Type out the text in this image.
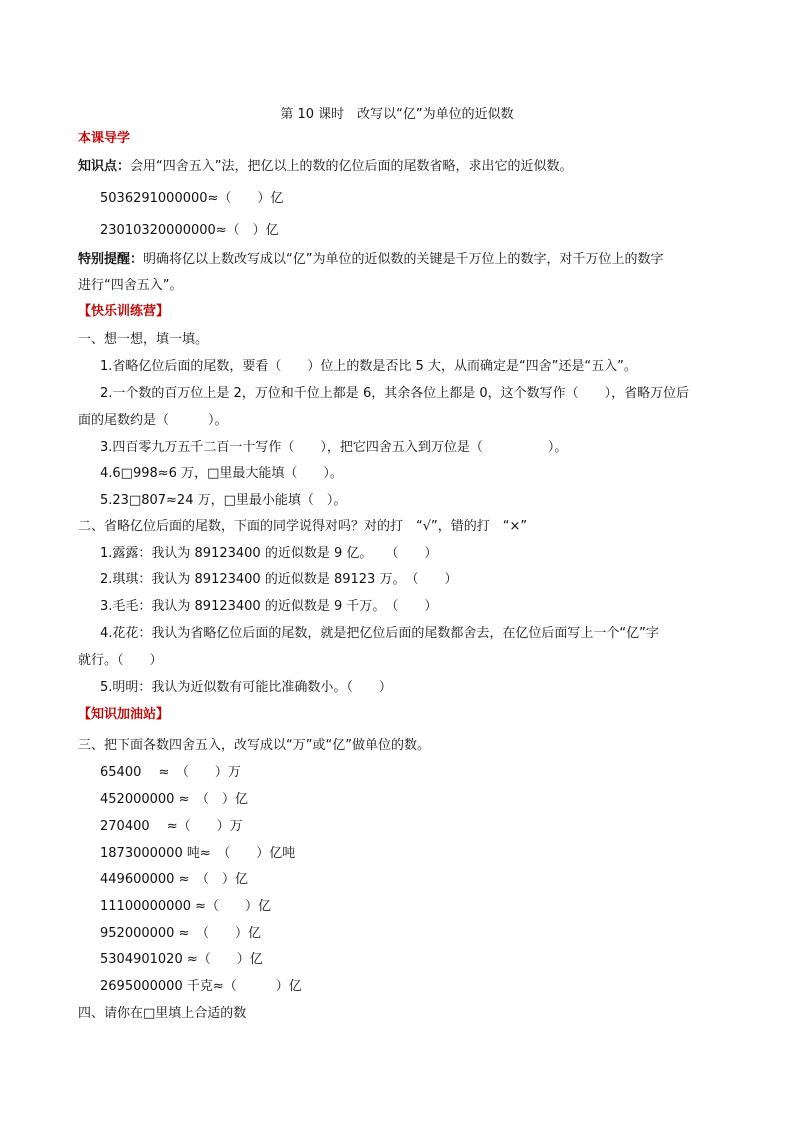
第 10 课时　改写以“亿”为单位的近似数
本课导学
知识点：会用“四舍五入”法，把亿以上的数的亿位后面的尾数省略，求出它的近似数。
5036291000000≈（　　）亿
23010320000000≈（　）亿
特别提醒：明确将亿以上数改写成以“亿”为单位的近似数的关键是千万位上的数字，对千万位上的数字
进行“四舍五入”。
【快乐训练营】
一、想一想，填一填。
1.省略亿位后面的尾数，要看（　　）位上的数是否比 5 大，从而确定是“四舍”还是“五入”。
2.一个数的百万位上是 2，万位和千位上都是 6，其余各位上都是 0，这个数写作（　　），省略万位后
面的尾数约是（　　　）。
3.四百零九万五千二百一十写作（　　），把它四舍五入到万位是（　　　　　）。
4.6□998≈6 万，□里最大能填（　　）。
5.23□807≈24 万，□里最小能填（　）。
二、省略亿位后面的尾数，下面的同学说得对吗？对的打　“√”，错的打　“×”
1.露露：我认为 89123400 的近似数是 9 亿。　　（　　）
2.琪琪：我认为 89123400 的近似数是 89123 万。　（　　）
3.毛毛：我认为 89123400 的近似数是 9 千万。　（　　）
4.花花：我认为省略亿位后面的尾数，就是把亿位后面的尾数都舍去，在亿位后面写上一个“亿”字
就行。（　　）
5.明明：我认为近似数有可能比准确数小。（　　）
【知识加油站】
三、把下面各数四舍五入，改写成以“万”或“亿”做单位的数。
65400　 ≈　（　　）万
452000000 ≈　（　）亿
270400　 ≈（　　）万
1873000000 吨≈　（　　）亿吨
449600000 ≈　（　）亿
11100000000 ≈（　　）亿
952000000 ≈　（　　）亿
5304901020 ≈（　　）亿
2695000000 千克≈（　　　）亿
四、请你在□里填上合适的数
